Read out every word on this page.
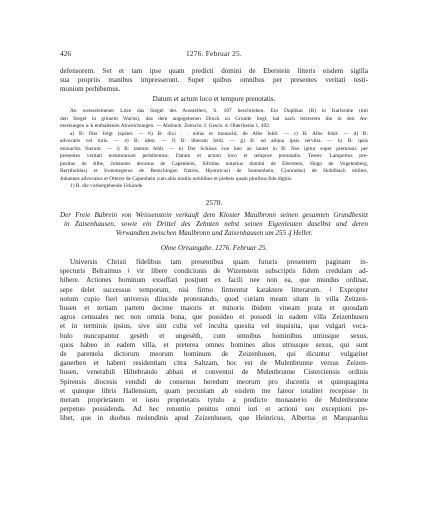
426	1276. Februar 25.
defensorem. Set et tam ipse quam predicti domini de Eberstein litteris eisdem sigilla
sua propriis manibus impresserunt. Super quibus omnibus per presentes veritati testi-
monium perhibemus.
Datum et actum loco et tempore prenotatis.
An weisseleinener Litze das Siegel des Ausstellers, S. 107 beschrieben. Ein Duplikat (B) in Karlsruhe (mit
den Siegel in grünem Wachs), das dem angegebenen Druck zu Grunde liegt, hat nach letzterem die in den An-
merkungen a–k enthaltenen Abweichungen. — Abdruck: Zeitschr. f. Gesch. d. Oberrheins 1, 492.
a) B: filer folgt (später. — b) B: dixi . . eiitas et monachi; de Albe fehlt. — c) B: Albe fehlt. — d) B:
advocatis vel turis. — e) B: idest. — f) B: liberam fehlt. — g) B: ad aliqua ipsis servitia. — h) B: ipsis
monachis fuerunt. — i) B: tantum fehlt. — k) Der Schluss von hier an lautet in B: Nos igitur super premissis per
presentes veritati testimonium perhibemus. Datum et actum loco et tempore prenotatis. Testes: Lampertus pre-
positus de Albe, Johannes decanus de Capenhein, Sifridus notarius domini de Eberstein, Hugo de Vogetenberg,
Ber(tholdus) et Swennegerus de Remchingen fratres, H(einricus) de Sunnenhein, C(onradus) de Hohilbach milites,
Johannes advocatus et Otterer de Capenhein cum aliis multis nobilibus et plebeis quam pluribus fide dignis.
1) B. die vorhergehende Urkunde.
2570.
Der Freie Babrein von Weissenstein verkauft dem Kloster Maulbronn seinen gesamten Grundbesitz
in Zaisenhausen, sowie ein Drittel des Zehnten nebst seinen Eigenleuten daselbst und deren
Verwandten zwischen Maulbronn und Zaisenhausen um 255 ₰ Heller.
Ohne Ortsangabe. 1276. Februar 25.
Universis Christi fidelibus tam presentibus quam futuris presentem paginam in-
specturis Belraimus ǂ vir libere condicionis de Wizenstein subscriptis fidem credulam ad-
hibere. Actiones hominum exsuffari postjunt ex facili nee non ea, que mundus ordinat,
sepe delet successus temporum, nisi firmo firmentur karaktere litterarum. ǂ Expropter
notum cupio fieri universis diiucide protestando, quod curiam meam sitam in villa Zeitzen-
husen et tertiam partem decime maioris et minoris ibidem vineam prata et quosdam
agros censuales nec non omnia bona, que possideo et possedi in eadem villa Zeizenhusen
et in terminis ipsius, sive sint culta vel inculta quesita vel inquisita, que vulgari voca-
bulo nuncupantur geséth et ungesèth, cum omnibus hominibus utriusque sexus,
quos habeo in eadem villa, et preterea omnes homines alios utriusque sexus, qui sunt
de parentela dictorum meorum hominum de Zeizenhusen, qui dicuntur vulgariter
ganerben et habent residentiam citra Saltzam, hoc est de Mulenbrunne versus Zeizen-
husen, venerabili Hiltebrando abbati et conventui de Mulenbrunne Cisterciensis ordinis
Spirensis diocesis vendidi de consensu heredum meorum pro ducentis et quinquaginta
et quinque libris Hallensium, quam pecuniam ab eisdem me fateor totaliter recepisse in
meram proprietatem et iusto proprietatis tytulo a predicto monasterio de Mulenbrunne
perpetuo possidenda. Ad hec renuntio penitus omni iuri et actioni seu exceptioni pe-
libet, que in duobus molendinis apud Zeizenhusen, que Heinricus, Albertus et Marquardus
